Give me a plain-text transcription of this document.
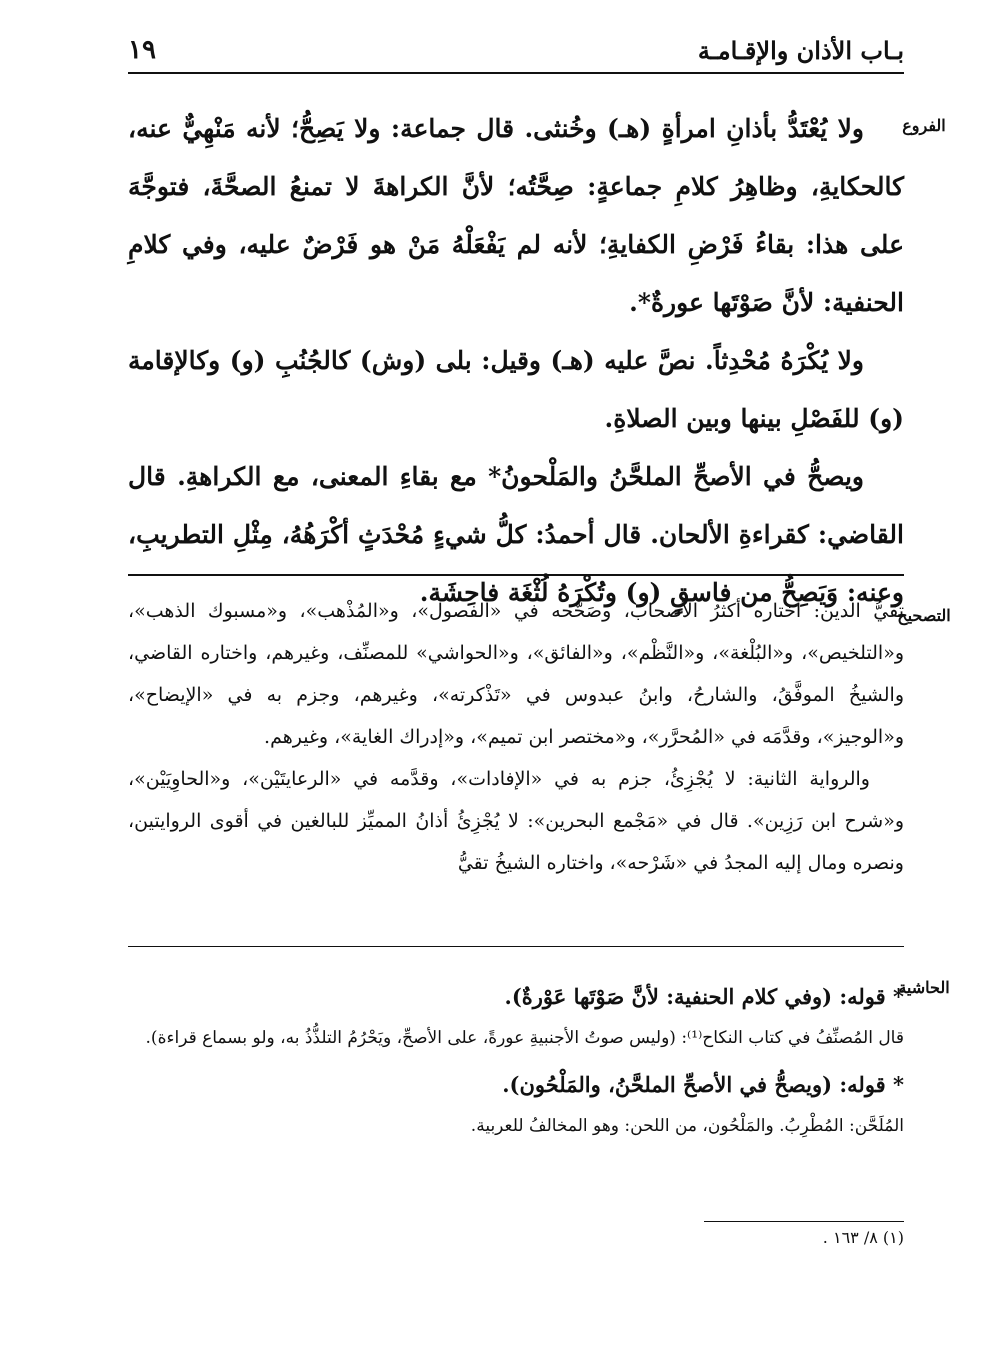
بـاب الأذان والإقـامـة
١٩
الفروع

ولا يُعْتَدُّ بأذانِ امرأةٍ (هـ) وخُنثى. قال جماعة: ولا يَصِحُّ؛ لأنه مَنْهِيٌّ عنه، كالحكايةِ، وظاهِرُ كلامِ جماعةٍ: صِحَّتُه؛ لأنَّ الكراهةَ لا تمنعُ الصحَّةَ، فتوجَّهَ على هذا: بقاءُ فَرْضِ الكفايةِ؛ لأنه لم يَفْعَلْهُ مَنْ هو فَرْضٌ عليه، وفي كلامِ الحنفية: لأنَّ صَوْتَها عورةٌ*.

ولا يُكْرَهُ مُحْدِثاً. نصَّ عليه (هـ) وقيل: بلى (وش) كالجُنُبِ (و) وكالإقامة (و) للفَصْلِ بينها وبين الصلاةِ.

ويصحُّ في الأصحِّ الملحَّنُ والمَلْحونُ* مع بقاءِ المعنى، مع الكراهةِ. قال القاضي: كقراءةِ الألحان. قال أحمدُ: كلُّ شيءٍ مُحْدَثٍ أكْرَهُهُ، مِثْلِ التطريبِ، وعنه: وَيَصِحُّ من فاسقٍ (و) وتُكْرَهُ لُثْغَة فاحِشَة.

التصحيح

تقيُّ الدين: اختاره أكثرُ الأصحاب، وصَحَّحه في «الفصول»، و«المُذْهب»، و«مسبوك الذهب»، و«التلخيص»، و«البُلْغة»، و«النَّظْم»، و«الفائق»، و«الحواشي» للمصنِّف، وغيرهم، واختاره القاضي، والشيخُ الموفَّقُ، والشارحُ، وابنُ عبدوس في «تَذْكرته»، وغيرهم، وجزم به في «الإيضاح»، و«الوجيز»، وقدَّمَه في «المُحرَّر»، و«مختصر ابن تميم»، و«إدراك الغاية»، وغيرهم.

والرواية الثانية: لا يُجْزِئُ، جزم به في «الإفادات»، وقدَّمه في «الرعايتَيْن»، و«الحاوِيَيْن»، و«شرح ابن رَزِين». قال في «مَجْمع البحرين»: لا يُجْزِئُ أذانُ المميِّز للبالغين في أقوى الروايتين، ونصره ومال إليه المجدُ في «شَرْحه»، واختاره الشيخُ تقيُّ

الحاشية

* قوله: (وفي كلام الحنفية: لأنَّ صَوْتَها عَوْرةٌ).

قال المُصنِّفُ في كتاب النكاح⁽¹⁾: (وليس صوتُ الأجنبيةِ عورةً، على الأصحِّ، ويَحْرُمُ التلذُّذُ به، ولو بسماع قراءة).

* قوله: (ويصحُّ في الأصحِّ الملحَّنُ، والمَلْحُون).

المُلَحَّن: المُطْرِبُ. والمَلْحُون، من اللحن: وهو المخالفُ للعربية.

(١) ٨/ ١٦٣ .
